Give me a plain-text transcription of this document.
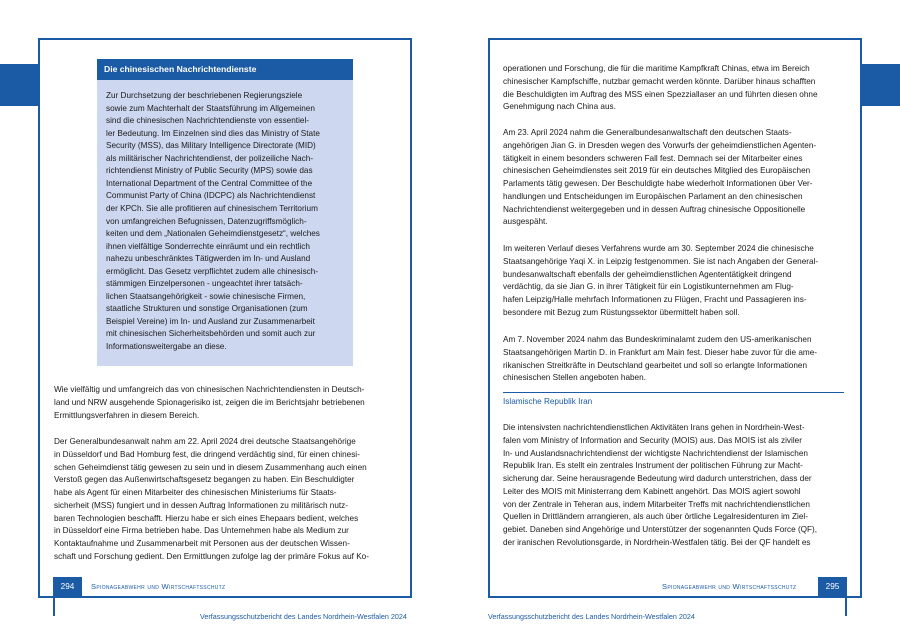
Die chinesischen Nachrichtendienste
294	Spionageabwehr und Wirtschaftsschutz
Verfassungsschutzbericht des Landes Nordrhein-Westfalen 2024
295
Spionageabwehr und Wirtschaftsschutz
Verfassungsschutzbericht des Landes Nordrhein-Westfalen 2024
Zur Durchsetzung der beschriebenen Regierungsziele
sowie zum Machterhalt der Staatsführung im Allgemeinen
sind die chinesischen Nachrichtendienste von essentiel-
ler Bedeutung. Im Einzelnen sind dies das Ministry of State
Security (MSS), das Military Intelligence Directorate (MID)
als militärischer Nachrichtendienst, der polizeiliche Nach-
richtendienst Ministry of Public Security (MPS) sowie das
International Department of the Central Committee of the
Communist Party of China (IDCPC) als Nachrichtendienst
der KPCh. Sie alle profitieren auf chinesischem Territorium
von umfangreichen Befugnissen, Datenzugriffsmöglich-
keiten und dem „Nationalen Geheimdienstgesetz“, welches
ihnen vielfältige Sonderrechte einräumt und ein rechtlich
nahezu unbeschränktes Tätigwerden im In- und Ausland
ermöglicht. Das Gesetz verpflichtet zudem alle chinesisch-
stämmigen Einzelpersonen - ungeachtet ihrer tatsäch-
lichen Staatsangehörigkeit - sowie chinesische Firmen,
staatliche Strukturen und sonstige Organisationen (zum
Beispiel Vereine) im In- und Ausland zur Zusammenarbeit
mit chinesischen Sicherheitsbehörden und somit auch zur
Informationsweitergabe an diese.
Wie vielfältig und umfangreich das von chinesischen Nachrichtendiensten in Deutsch-
land und NRW ausgehende Spionagerisiko ist, zeigen die im Berichtsjahr betriebenen
Ermittlungsverfahren in diesem Bereich.
Der Generalbundesanwalt nahm am 22. April 2024 drei deutsche Staatsangehörige
in Düsseldorf und Bad Homburg fest, die dringend verdächtig sind, für einen chinesi-
schen Geheimdienst tätig gewesen zu sein und in diesem Zusammenhang auch einen
Verstoß gegen das Außenwirtschaftsgesetz begangen zu haben. Ein Beschuldigter
habe als Agent für einen Mitarbeiter des chinesischen Ministeriums für Staats-
sicherheit (MSS) fungiert und in dessen Auftrag Informationen zu militärisch nutz-
baren Technologien beschafft. Hierzu habe er sich eines Ehepaars bedient, welches
in Düsseldorf eine Firma betrieben habe. Das Unternehmen habe als Medium zur
Kontaktaufnahme und Zusammenarbeit mit Personen aus der deutschen Wissen-
schaft und Forschung gedient. Den Ermittlungen zufolge lag der primäre Fokus auf Ko-
operationen und Forschung, die für die maritime Kampfkraft Chinas, etwa im Bereich
chinesischer Kampfschiffe, nutzbar gemacht werden könnte. Darüber hinaus schafften
die Beschuldigten im Auftrag des MSS einen Spezziallaser an und führten diesen ohne
Genehmigung nach China aus.
Am 23. April 2024 nahm die Generalbundesanwaltschaft den deutschen Staats-
angehörigen Jian G. in Dresden wegen des Vorwurfs der geheimdienstlichen Agenten-
tätigkeit in einem besonders schweren Fall fest. Demnach sei der Mitarbeiter eines
chinesischen Geheimdienstes seit 2019 für ein deutsches Mitglied des Europäischen
Parlaments tätig gewesen. Der Beschuldigte habe wiederholt Informationen über Ver-
handlungen und Entscheidungen im Europäischen Parlament an den chinesischen
Nachrichtendienst weitergegeben und in dessen Auftrag chinesische Oppositionelle
ausgespäht.
Im weiteren Verlauf dieses Verfahrens wurde am 30. September 2024 die chinesische
Staatsangehörige Yaqi X. in Leipzig festgenommen. Sie ist nach Angaben der General-
bundesanwaltschaft ebenfalls der geheimdienstlichen Agententätigkeit dringend
verdächtig, da sie Jian G. in ihrer Tätigkeit für ein Logistikunternehmen am Flug-
hafen Leipzig/Halle mehrfach Informationen zu Flügen, Fracht und Passagieren ins-
besondere mit Bezug zum Rüstungssektor übermittelt haben soll.
Am 7. November 2024 nahm das Bundeskriminalamt zudem den US-amerikanischen
Staatsangehörigen Martin D. in Frankfurt am Main fest. Dieser habe zuvor für die ame-
rikanischen Streitkräfte in Deutschland gearbeitet und soll so erlangte Informationen
chinesischen Stellen angeboten haben.
Islamische Republik Iran
Die intensivsten nachrichtendienstlichen Aktivitäten Irans gehen in Nordrhein-West-
falen vom Ministry of Information and Security (MOIS) aus. Das MOIS ist als ziviler
In- und Auslandsnachrichtendienst der wichtigste Nachrichtendienst der Islamischen
Republik Iran. Es stellt ein zentrales Instrument der politischen Führung zur Macht-
sicherung dar. Seine herausragende Bedeutung wird dadurch unterstrichen, dass der
Leiter des MOIS mit Ministerrang dem Kabinett angehört. Das MOIS agiert sowohl
von der Zentrale in Teheran aus, indem Mitarbeiter Treffs mit nachrichtendienstlichen
Quellen in Drittländern arrangieren, als auch über örtliche Legalresidenturen im Ziel-
gebiet. Daneben sind Angehörige und Unterstützer der sogenannten Quds Force (QF),
der iranischen Revolutionsgarde, in Nordrhein-Westfalen tätig. Bei der QF handelt es
